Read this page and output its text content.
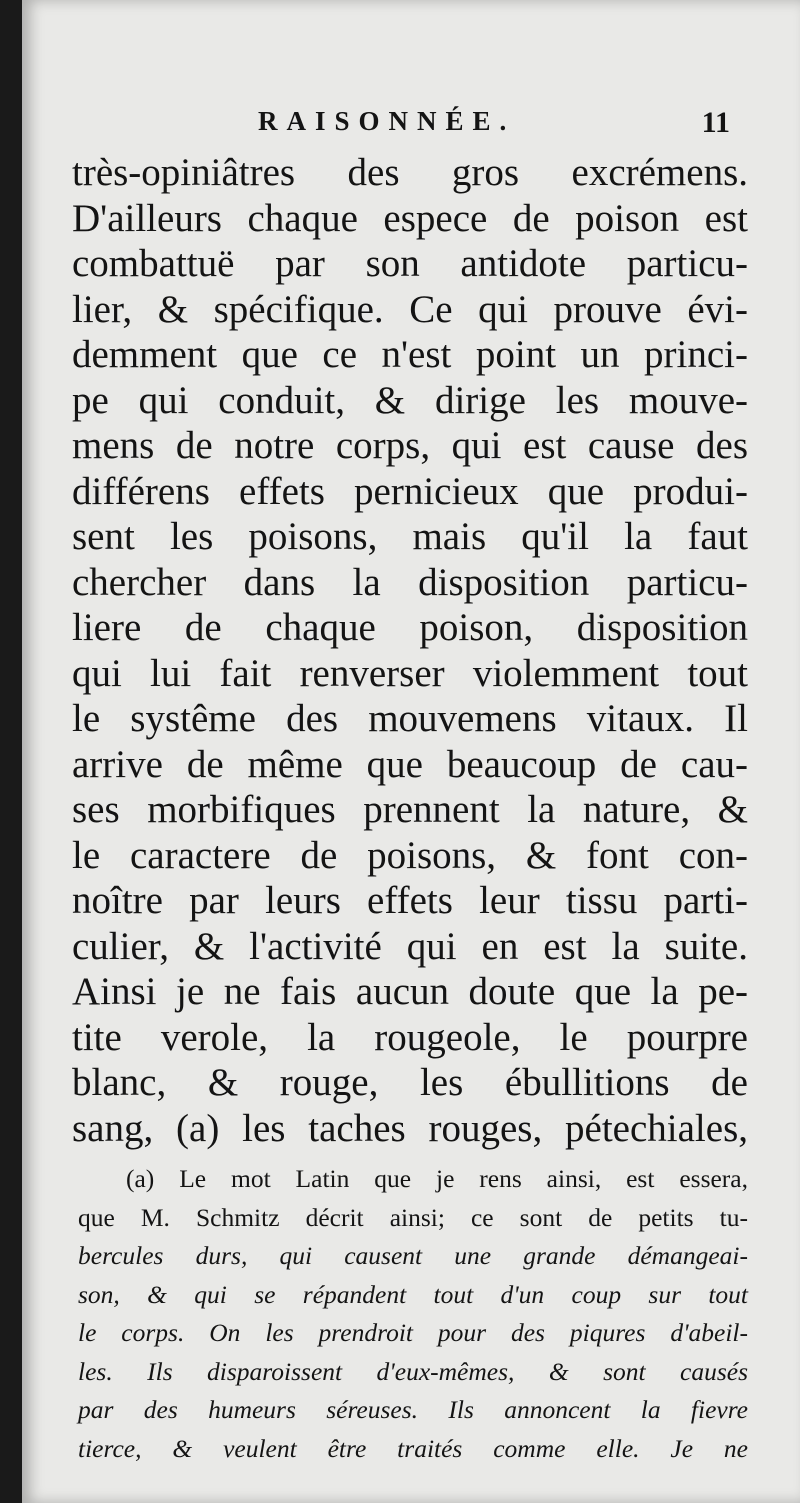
RAISONNÉE.	11
très-opiniâtres des gros excrémens.
D'ailleurs chaque espece de poison est
combattuë par son antidote particu-
lier, & spécifique. Ce qui prouve évi-
demment que ce n'est point un princi-
pe qui conduit, & dirige les mouve-
mens de notre corps, qui est cause des
différens effets pernicieux que produi-
sent les poisons, mais qu'il la faut
chercher dans la disposition particu-
liere de chaque poison, disposition
qui lui fait renverser violemment tout
le systême des mouvemens vitaux. Il
arrive de même que beaucoup de cau-
ses morbifiques prennent la nature, &
le caractere de poisons, & font con-
noître par leurs effets leur tissu parti-
culier, & l'activité qui en est la suite.
Ainsi je ne fais aucun doute que la pe-
tite verole, la rougeole, le pourpre
blanc, & rouge, les ébullitions de
sang, (a) les taches rouges, pétechiales,
(a) Le mot Latin que je rens ainsi, est essera,
que M. Schmitz décrit ainsi; ce sont de petits tu-
bercules durs, qui causent une grande démangeai-
son, & qui se répandent tout d'un coup sur tout
le corps. On les prendroit pour des piqures d'abeil-
les. Ils disparoissent d'eux-mêmes, & sont causés
par des humeurs séreuses. Ils annoncent la fievre
tierce, & veulent être traités comme elle. Je ne
